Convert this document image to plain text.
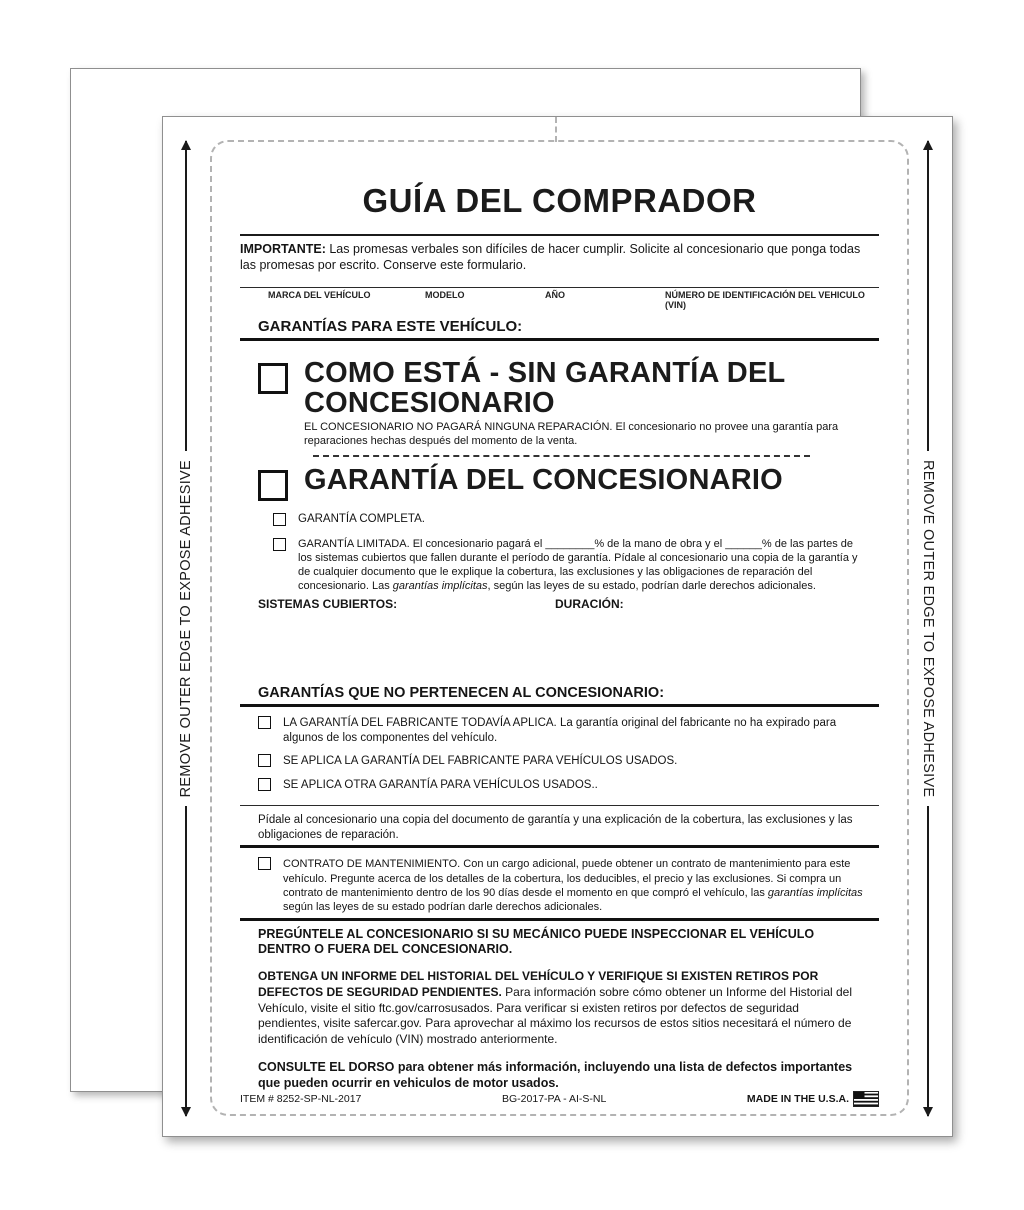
REMOVE OUTER EDGE TO EXPOSE ADHESIVE	REMOVE OUTER EDGE TO EXPOSE ADHESIVE
GUÍA DEL COMPRADOR
IMPORTANTE: Las promesas verbales son difíciles de hacer cumplir. Solicite al concesionario que ponga todas las promesas por escrito. Conserve este formulario.
MARCA DEL VEHÍCULO	MODELO	AÑO	NÚMERO DE IDENTIFICACIÓN DEL VEHICULO (VIN)
GARANTÍAS PARA ESTE VEHÍCULO:
COMO ESTÁ - SIN GARANTÍA DEL CONCESIONARIO
EL CONCESIONARIO NO PAGARÁ NINGUNA REPARACIÓN. El concesionario no provee una garantía para reparaciones hechas después del momento de la venta.
GARANTÍA DEL CONCESIONARIO
GARANTÍA COMPLETA.
GARANTÍA LIMITADA. El concesionario pagará el ________% de la mano de obra y el ______% de las partes de los sistemas cubiertos que fallen durante el período de garantía. Pídale al concesionario una copia de la garantía y de cualquier documento que le explique la cobertura, las exclusiones y las obligaciones de reparación del concesionario. Las garantías implícitas, según las leyes de su estado, podrían darle derechos adicionales.
SISTEMAS CUBIERTOS:	DURACIÓN:
GARANTÍAS QUE NO PERTENECEN AL CONCESIONARIO:
LA GARANTÍA DEL FABRICANTE TODAVÍA APLICA. La garantía original del fabricante no ha expirado para algunos de los componentes del vehículo.
SE APLICA LA GARANTÍA DEL FABRICANTE PARA VEHÍCULOS USADOS.
SE APLICA OTRA GARANTÍA PARA VEHÍCULOS USADOS..
Pídale al concesionario una copia del documento de garantía y una explicación de la cobertura, las exclusiones y las obligaciones de reparación.
CONTRATO DE MANTENIMIENTO. Con un cargo adicional, puede obtener un contrato de mantenimiento para este vehículo. Pregunte acerca de los detalles de la cobertura, los deducibles, el precio y las exclusiones. Si compra un contrato de mantenimiento dentro de los 90 días desde el momento en que compró el vehículo, las garantías implícitas según las leyes de su estado podrían darle derechos adicionales.
PREGÚNTELE AL CONCESIONARIO SI SU MECÁNICO PUEDE INSPECCIONAR EL VEHÍCULO DENTRO O FUERA DEL CONCESIONARIO.
OBTENGA UN INFORME DEL HISTORIAL DEL VEHÍCULO Y VERIFIQUE SI EXISTEN RETIROS POR DEFECTOS DE SEGURIDAD PENDIENTES. Para información sobre cómo obtener un Informe del Historial del Vehículo, visite el sitio ftc.gov/carrosusados. Para verificar si existen retiros por defectos de seguridad pendientes, visite safercar.gov. Para aprovechar al máximo los recursos de estos sitios necesitará el número de identificación de vehículo (VIN) mostrado anteriormente.
CONSULTE EL DORSO para obtener más información, incluyendo una lista de defectos importantes que pueden ocurrir en vehiculos de motor usados.
ITEM # 8252-SP-NL-2017	BG-2017-PA - AI-S-NL	MADE IN THE U.S.A.
